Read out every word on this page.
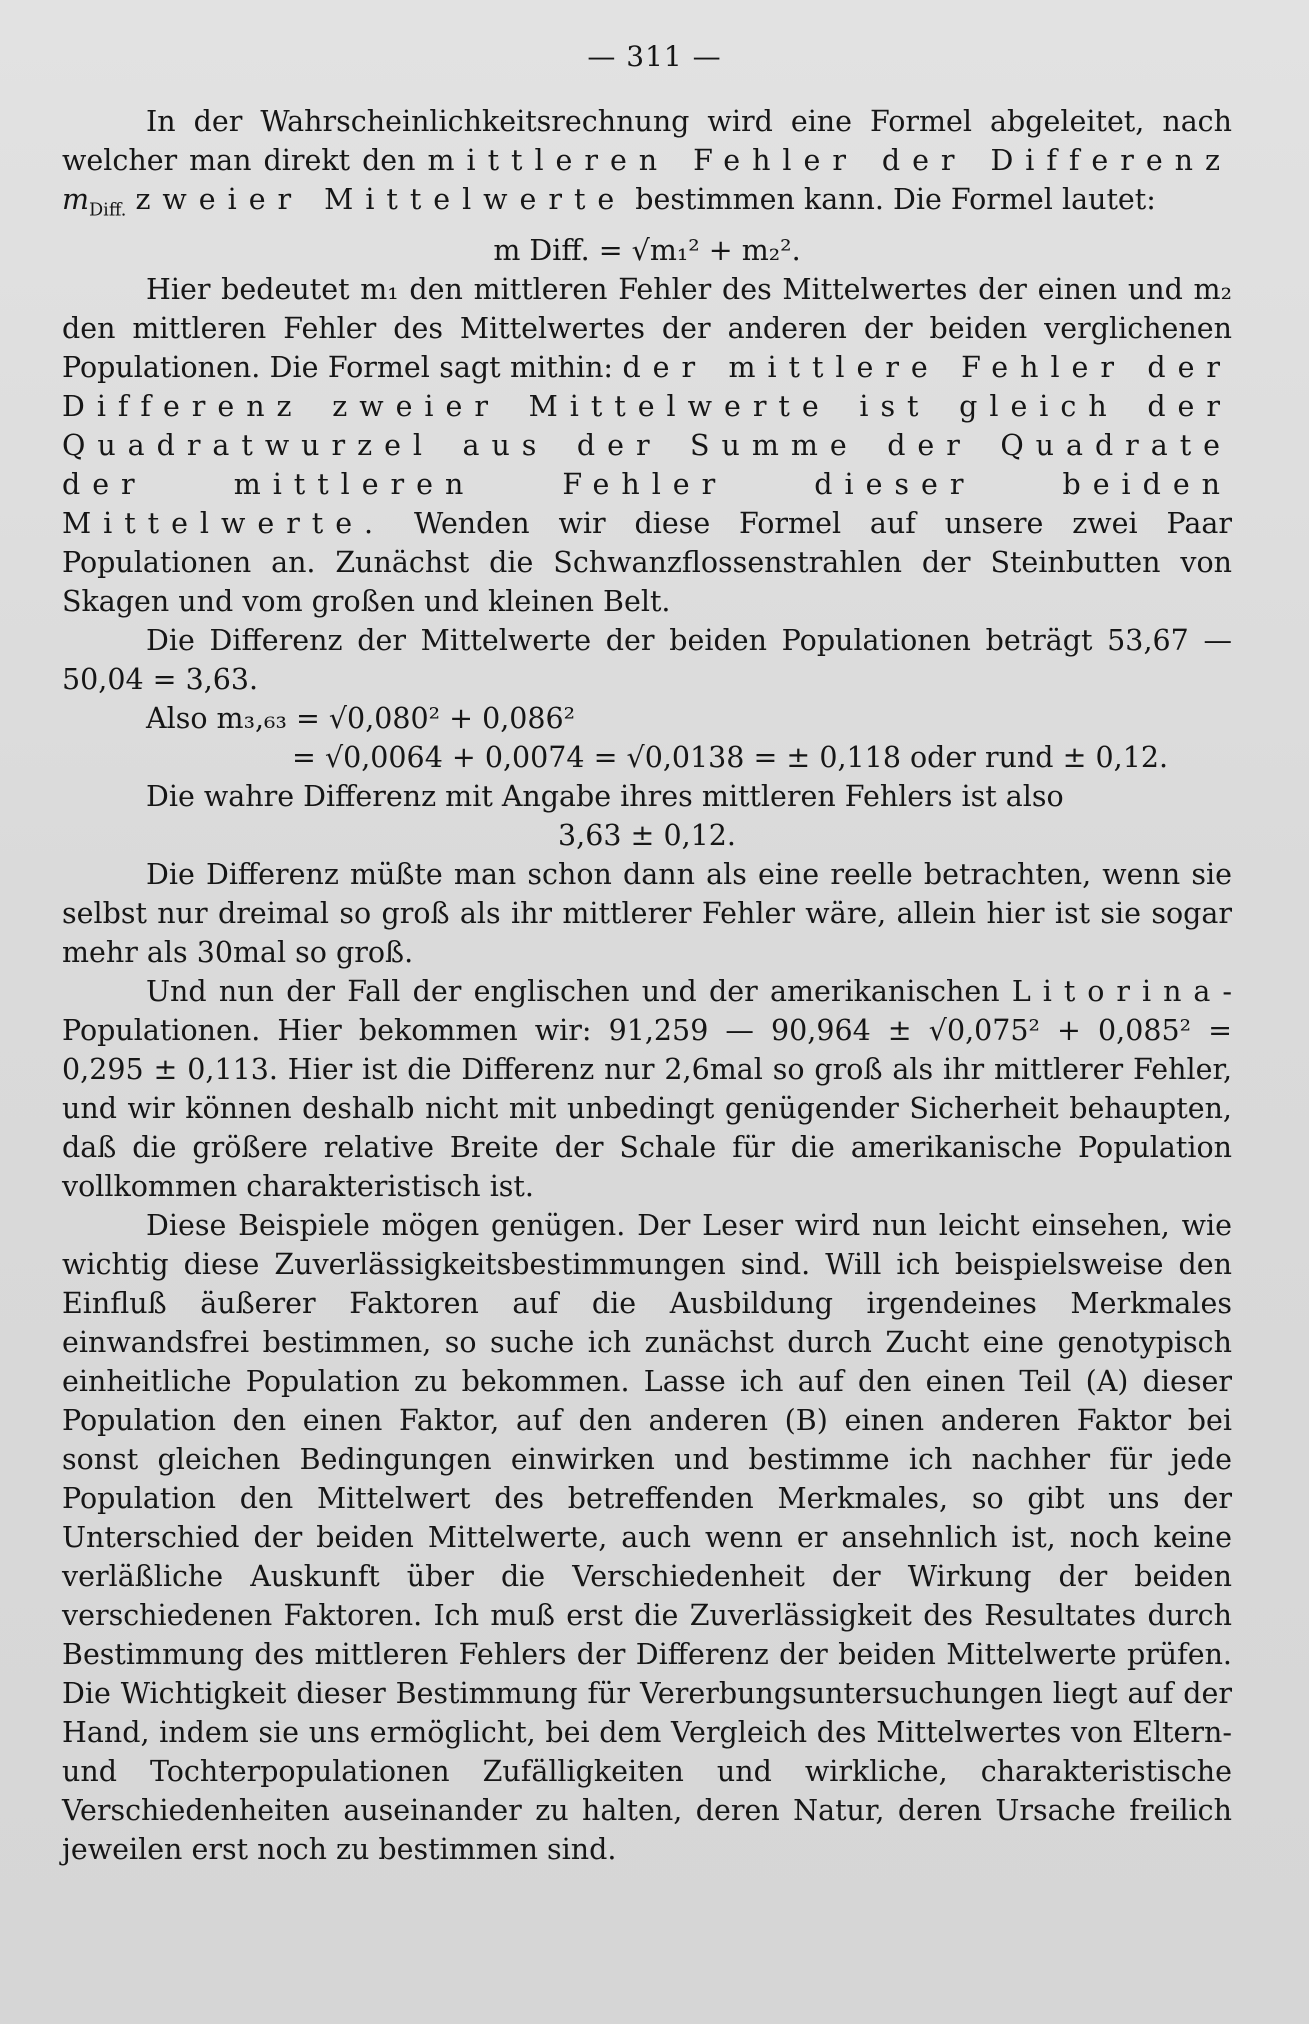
— 311 —

In der Wahrscheinlichkeitsrechnung wird eine Formel abgeleitet, nach welcher man direkt den mittleren Fehler der Differenz $m_{Diff.}$ zweier Mittelwerte bestimmen kann. Die Formel lautet:

m Diff. = √m₁² + m₂².

Hier bedeutet m₁ den mittleren Fehler des Mittelwertes der einen und m₂ den mittleren Fehler des Mittelwertes der anderen der beiden verglichenen Populationen. Die Formel sagt mithin: der mittlere Fehler der Differenz zweier Mittelwerte ist gleich der Quadratwurzel aus der Summe der Quadrate der mittleren Fehler dieser beiden Mittelwerte. Wenden wir diese Formel auf unsere zwei Paar Populationen an. Zunächst die Schwanzflossenstrahlen der Steinbutten von Skagen und vom großen und kleinen Belt.

Die Differenz der Mittelwerte der beiden Populationen beträgt 53,67 — 50,04 = 3,63.

Also m₃,₆₃ = √0,080² + 0,086²

= √0,0064 + 0,0074 = √0,0138 = ± 0,118 oder rund ± 0,12.

Die wahre Differenz mit Angabe ihres mittleren Fehlers ist also

3,63 ± 0,12.

Die Differenz müßte man schon dann als eine reelle betrachten, wenn sie selbst nur dreimal so groß als ihr mittlerer Fehler wäre, allein hier ist sie sogar mehr als 30mal so groß.

Und nun der Fall der englischen und der amerikanischen Litorina-Populationen. Hier bekommen wir: 91,259 — 90,964 ± √0,075² + 0,085² = 0,295 ± 0,113. Hier ist die Differenz nur 2,6mal so groß als ihr mittlerer Fehler, und wir können deshalb nicht mit unbedingt genügender Sicherheit behaupten, daß die größere relative Breite der Schale für die amerikanische Population vollkommen charakteristisch ist.

Diese Beispiele mögen genügen. Der Leser wird nun leicht einsehen, wie wichtig diese Zuverlässigkeitsbestimmungen sind. Will ich beispielsweise den Einfluß äußerer Faktoren auf die Ausbildung irgendeines Merkmales einwandsfrei bestimmen, so suche ich zunächst durch Zucht eine genotypisch einheitliche Population zu bekommen. Lasse ich auf den einen Teil (A) dieser Population den einen Faktor, auf den anderen (B) einen anderen Faktor bei sonst gleichen Bedingungen einwirken und bestimme ich nachher für jede Population den Mittelwert des betreffenden Merkmales, so gibt uns der Unterschied der beiden Mittelwerte, auch wenn er ansehnlich ist, noch keine verläßliche Auskunft über die Verschiedenheit der Wirkung der beiden verschiedenen Faktoren. Ich muß erst die Zuverlässigkeit des Resultates durch Bestimmung des mittleren Fehlers der Differenz der beiden Mittelwerte prüfen. Die Wichtigkeit dieser Bestimmung für Vererbungsuntersuchungen liegt auf der Hand, indem sie uns ermöglicht, bei dem Vergleich des Mittelwertes von Eltern- und Tochterpopulationen Zufälligkeiten und wirkliche, charakteristische Verschiedenheiten auseinander zu halten, deren Natur, deren Ursache freilich jeweilen erst noch zu bestimmen sind.
